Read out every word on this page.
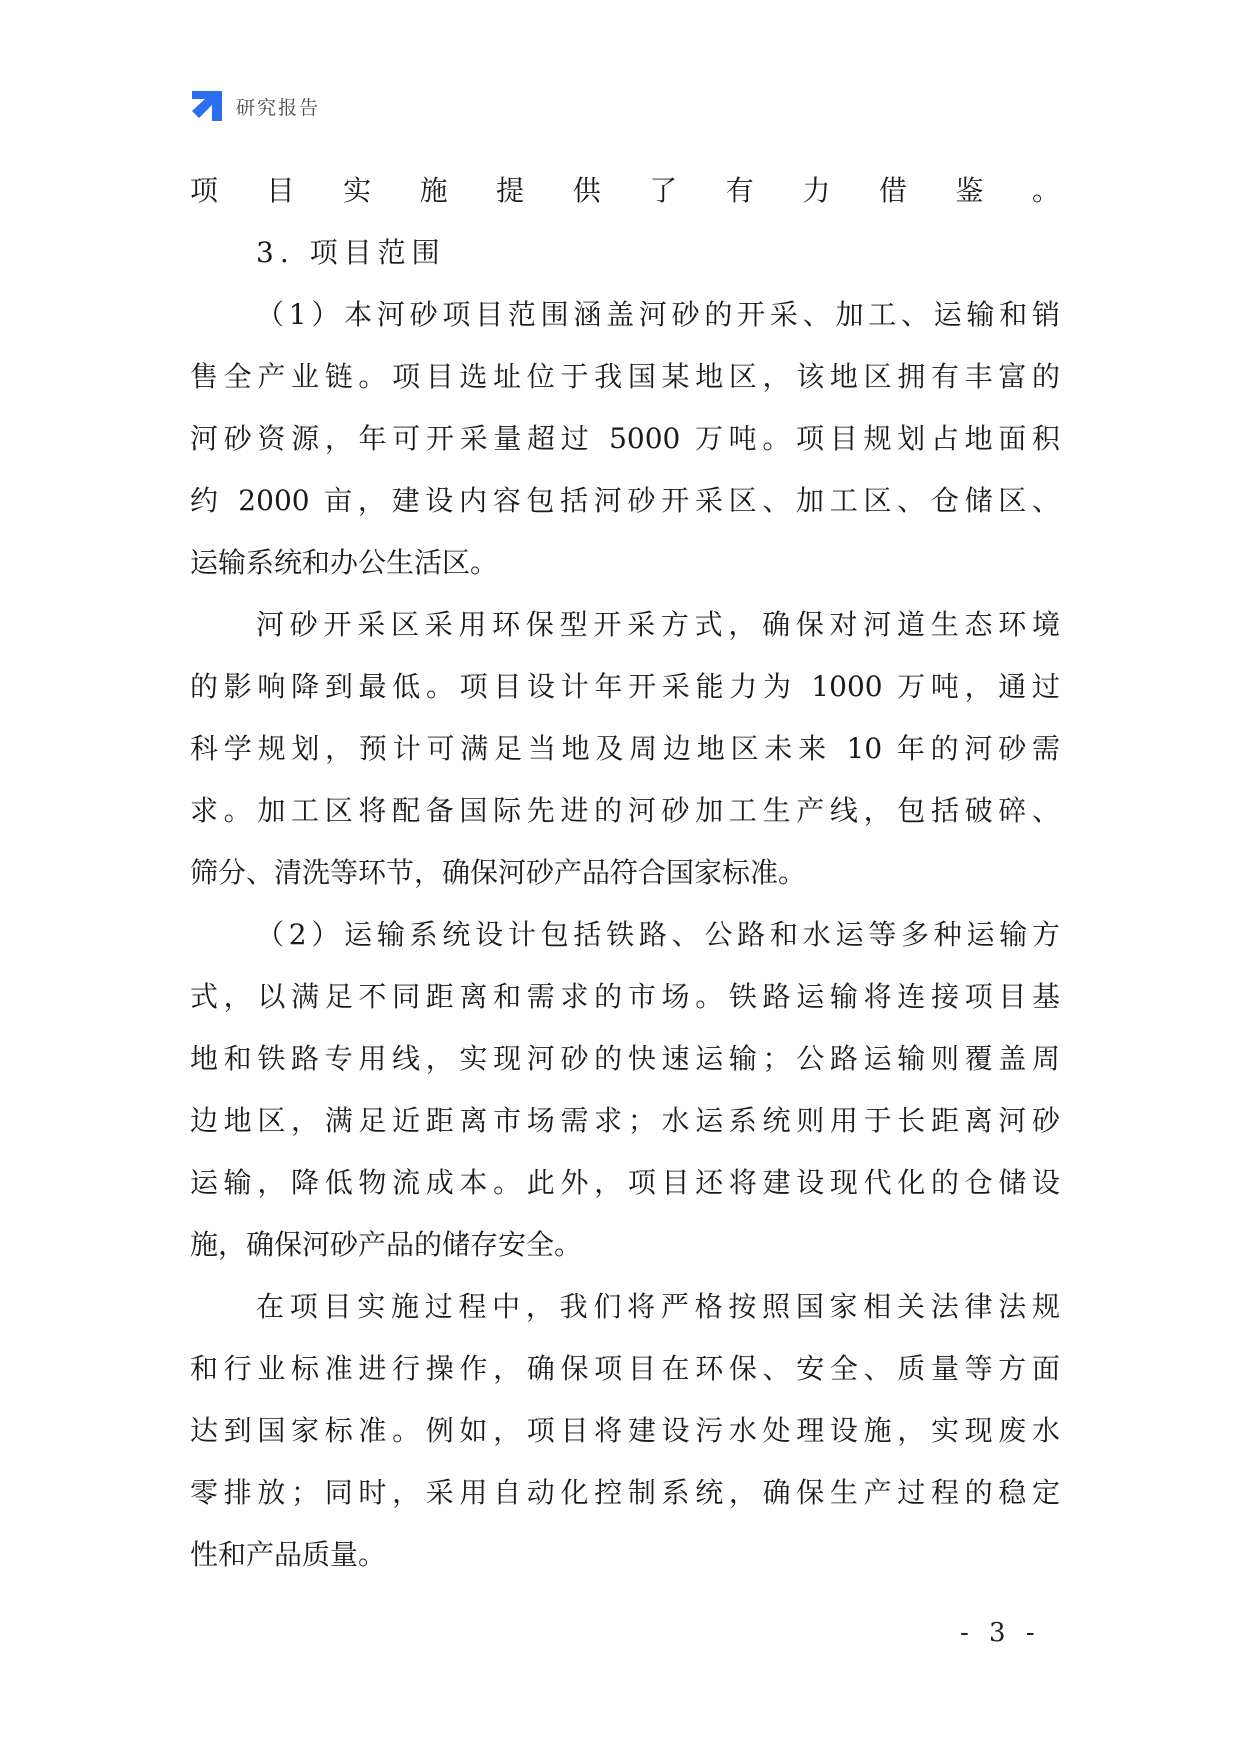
研究报告
项目实施提供了有力借鉴。
3. 项目范围
（1）本河砂项目范围涵盖河砂的开采、加工、运输和销
售全产业链。项目选址位于我国某地区，该地区拥有丰富的
河砂资源，年可开采量超过 5000 万吨。项目规划占地面积
约 2000 亩，建设内容包括河砂开采区、加工区、仓储区、
运输系统和办公生活区。
河砂开采区采用环保型开采方式，确保对河道生态环境
的影响降到最低。项目设计年开采能力为 1000 万吨，通过
科学规划，预计可满足当地及周边地区未来 10 年的河砂需
求。加工区将配备国际先进的河砂加工生产线，包括破碎、
筛分、清洗等环节，确保河砂产品符合国家标准。
（2）运输系统设计包括铁路、公路和水运等多种运输方
式，以满足不同距离和需求的市场。铁路运输将连接项目基
地和铁路专用线，实现河砂的快速运输；公路运输则覆盖周
边地区，满足近距离市场需求；水运系统则用于长距离河砂
运输，降低物流成本。此外，项目还将建设现代化的仓储设
施，确保河砂产品的储存安全。
在项目实施过程中，我们将严格按照国家相关法律法规
和行业标准进行操作，确保项目在环保、安全、质量等方面
达到国家标准。例如，项目将建设污水处理设施，实现废水
零排放；同时，采用自动化控制系统，确保生产过程的稳定
性和产品质量。
- 3 -
